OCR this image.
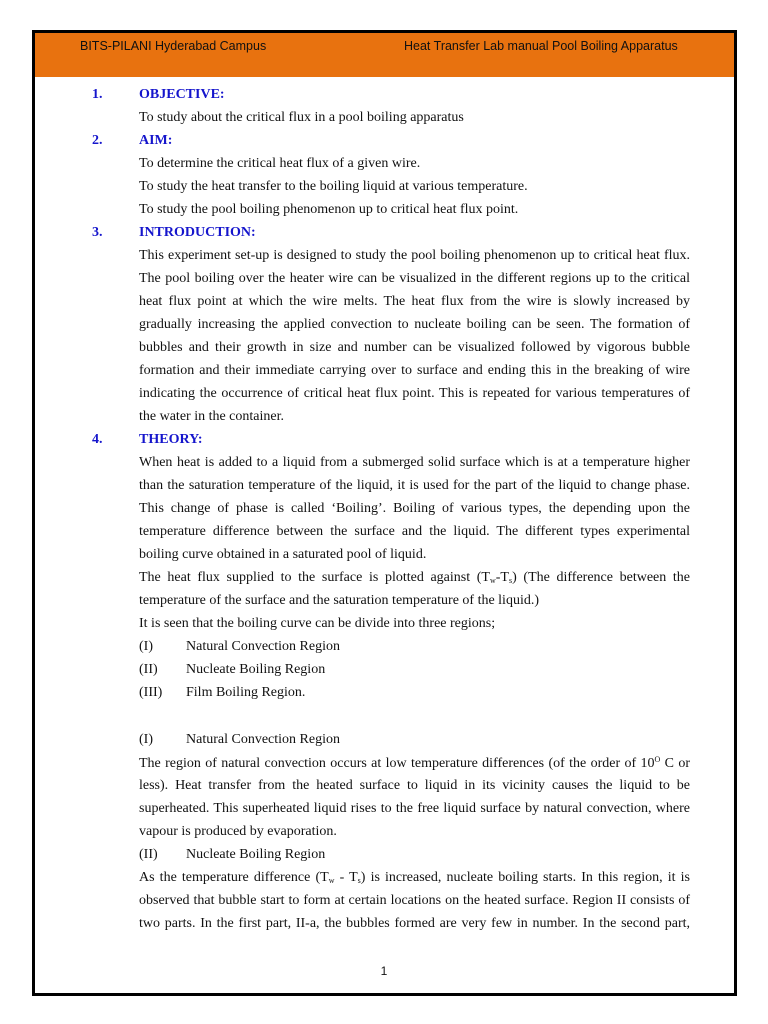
BITS-PILANI Hyderabad Campus	Heat Transfer Lab manual Pool Boiling Apparatus
1.	OBJECTIVE:
To study about the critical flux in a pool boiling apparatus
2.	AIM:
To determine the critical heat flux of a given wire.
To study the heat transfer to the boiling liquid at various temperature.
To study the pool boiling phenomenon up to critical heat flux point.
3.	INTRODUCTION:
This experiment set-up is designed to study the pool boiling phenomenon up to critical heat flux.
The pool boiling over the heater wire can be visualized in the different regions up to the critical
heat flux point at which the wire melts. The heat flux from the wire is slowly increased by
gradually increasing the applied convection to nucleate boiling can be seen. The formation of
bubbles and their growth in size and number can be visualized followed by vigorous bubble
formation and their immediate carrying over to surface and ending this in the breaking of wire
indicating the occurrence of critical heat flux point. This is repeated for various temperatures of
the water in the container.
4.	THEORY:
When heat is added to a liquid from a submerged solid surface which is at a temperature higher
than the saturation temperature of the liquid, it is used for the part of the liquid to change phase.
This change of phase is called ‘Boiling’. Boiling of various types, the depending upon the
temperature difference between the surface and the liquid. The different types experimental
boiling curve obtained in a saturated pool of liquid.
The heat flux supplied to the surface is plotted against $(T_w-T_s)$ (The difference between the
temperature of the surface and the saturation temperature of the liquid.)
It is seen that the boiling curve can be divide into three regions;
(I) Natural Convection Region
(II) Nucleate Boiling Region
(III) Film Boiling Region.
(I) Natural Convection Region
The region of natural convection occurs at low temperature differences (of the order of $10^O$ C or
less). Heat transfer from the heated surface to liquid in its vicinity causes the liquid to be
superheated. This superheated liquid rises to the free liquid surface by natural convection, where
vapour is produced by evaporation.
(II) Nucleate Boiling Region
As the temperature difference $(T_w - T_s)$ is increased, nucleate boiling starts. In this region, it is
observed that bubble start to form at certain locations on the heated surface. Region II consists of
two parts. In the first part, II-a, the bubbles formed are very few in number. In the second part,
1
